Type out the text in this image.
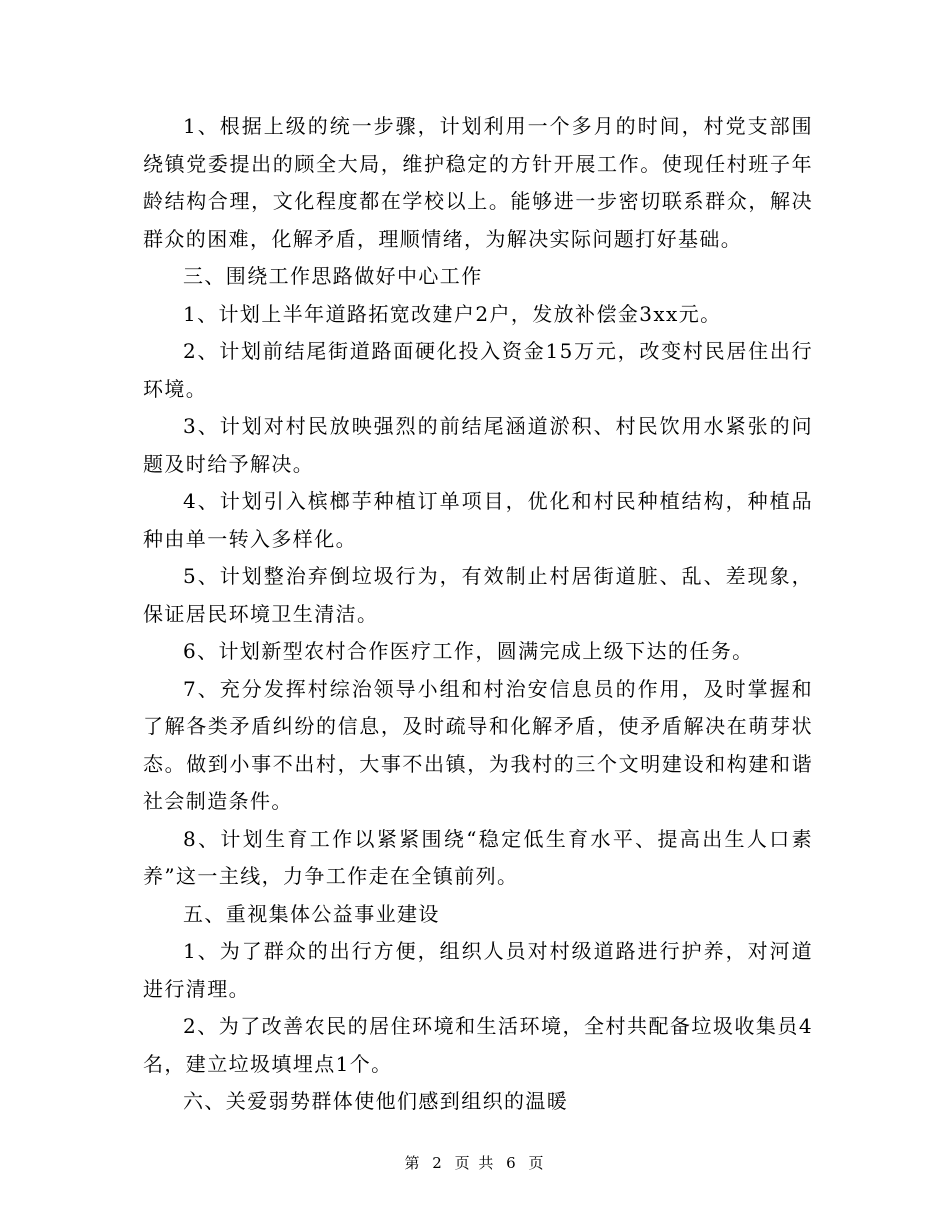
1、根据上级的统一步骤，计划利用一个多月的时间，村党支部围绕镇党委提出的顾全大局，维护稳定的方针开展工作。使现任村班子年龄结构合理，文化程度都在学校以上。能够进一步密切联系群众，解决群众的困难，化解矛盾，理顺情绪，为解决实际问题打好基础。

三、围绕工作思路做好中心工作

1、计划上半年道路拓宽改建户2户，发放补偿金3xx元。

2、计划前结尾街道路面硬化投入资金15万元，改变村民居住出行环境。

3、计划对村民放映强烈的前结尾涵道淤积、村民饮用水紧张的问题及时给予解决。

4、计划引入槟榔芋种植订单项目，优化和村民种植结构，种植品种由单一转入多样化。

5、计划整治弃倒垃圾行为，有效制止村居街道脏、乱、差现象，保证居民环境卫生清洁。

6、计划新型农村合作医疗工作，圆满完成上级下达的任务。

7、充分发挥村综治领导小组和村治安信息员的作用，及时掌握和了解各类矛盾纠纷的信息，及时疏导和化解矛盾，使矛盾解决在萌芽状态。做到小事不出村，大事不出镇，为我村的三个文明建设和构建和谐社会制造条件。

8、计划生育工作以紧紧围绕“稳定低生育水平、提高出生人口素养”这一主线，力争工作走在全镇前列。

五、重视集体公益事业建设

1、为了群众的出行方便，组织人员对村级道路进行护养，对河道进行清理。

2、为了改善农民的居住环境和生活环境，全村共配备垃圾收集员4名，建立垃圾填埋点1个。

六、关爱弱势群体使他们感到组织的温暖

第 2 页 共 6 页
